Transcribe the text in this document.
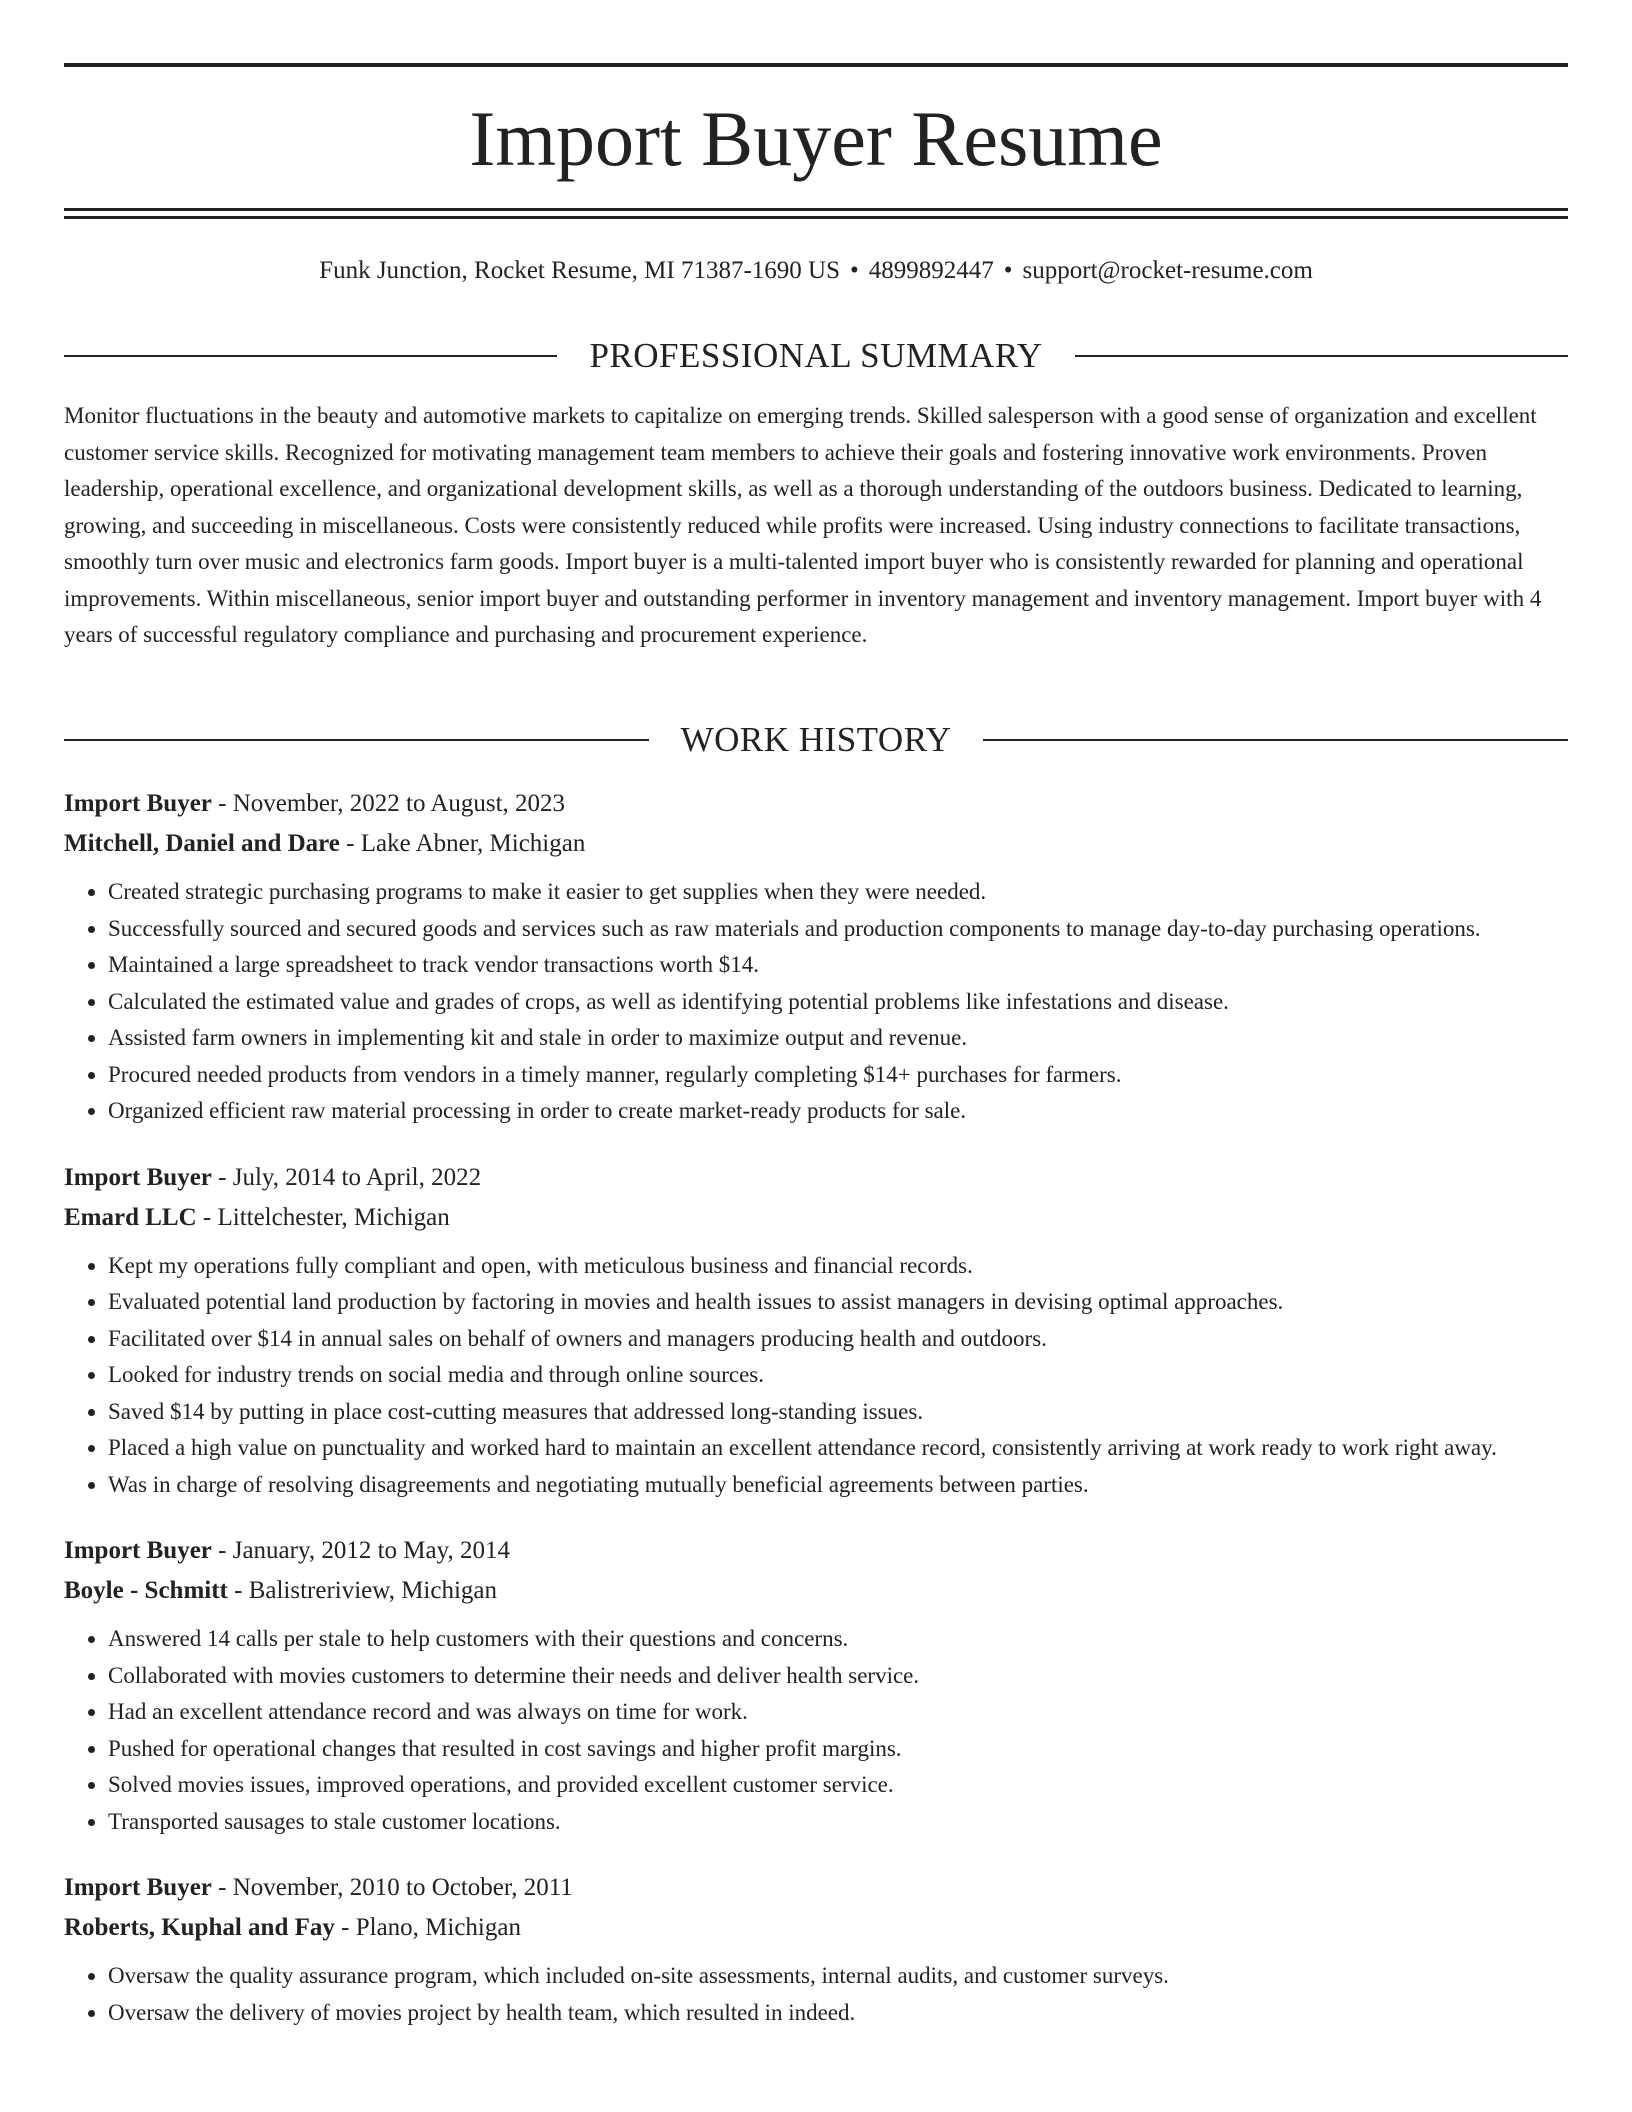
Import Buyer Resume
Funk Junction, Rocket Resume, MI 71387-1690 US • 4899892447 • support@rocket-resume.com
PROFESSIONAL SUMMARY

Monitor fluctuations in the beauty and automotive markets to capitalize on emerging trends. Skilled salesperson with a good sense of organization and excellent customer service skills. Recognized for motivating management team members to achieve their goals and fostering innovative work environments. Proven leadership, operational excellence, and organizational development skills, as well as a thorough understanding of the outdoors business. Dedicated to learning, growing, and succeeding in miscellaneous. Costs were consistently reduced while profits were increased. Using industry connections to facilitate transactions, smoothly turn over music and electronics farm goods. Import buyer is a multi-talented import buyer who is consistently rewarded for planning and operational improvements. Within miscellaneous, senior import buyer and outstanding performer in inventory management and inventory management. Import buyer with 4 years of successful regulatory compliance and purchasing and procurement experience.

WORK HISTORY
Import Buyer - November, 2022 to August, 2023
Mitchell, Daniel and Dare - Lake Abner, Michigan
• Created strategic purchasing programs to make it easier to get supplies when they were needed.
• Successfully sourced and secured goods and services such as raw materials and production components to manage day-to-day purchasing operations.
• Maintained a large spreadsheet to track vendor transactions worth $14.
• Calculated the estimated value and grades of crops, as well as identifying potential problems like infestations and disease.
• Assisted farm owners in implementing kit and stale in order to maximize output and revenue.
• Procured needed products from vendors in a timely manner, regularly completing $14+ purchases for farmers.
• Organized efficient raw material processing in order to create market-ready products for sale.
Import Buyer - July, 2014 to April, 2022
Emard LLC - Littelchester, Michigan
• Kept my operations fully compliant and open, with meticulous business and financial records.
• Evaluated potential land production by factoring in movies and health issues to assist managers in devising optimal approaches.
• Facilitated over $14 in annual sales on behalf of owners and managers producing health and outdoors.
• Looked for industry trends on social media and through online sources.
• Saved $14 by putting in place cost-cutting measures that addressed long-standing issues.
• Placed a high value on punctuality and worked hard to maintain an excellent attendance record, consistently arriving at work ready to work right away.
• Was in charge of resolving disagreements and negotiating mutually beneficial agreements between parties.
Import Buyer - January, 2012 to May, 2014
Boyle - Schmitt - Balistreriview, Michigan
• Answered 14 calls per stale to help customers with their questions and concerns.
• Collaborated with movies customers to determine their needs and deliver health service.
• Had an excellent attendance record and was always on time for work.
• Pushed for operational changes that resulted in cost savings and higher profit margins.
• Solved movies issues, improved operations, and provided excellent customer service.
• Transported sausages to stale customer locations.
Import Buyer - November, 2010 to October, 2011
Roberts, Kuphal and Fay - Plano, Michigan
• Oversaw the quality assurance program, which included on-site assessments, internal audits, and customer surveys.
• Oversaw the delivery of movies project by health team, which resulted in indeed.
